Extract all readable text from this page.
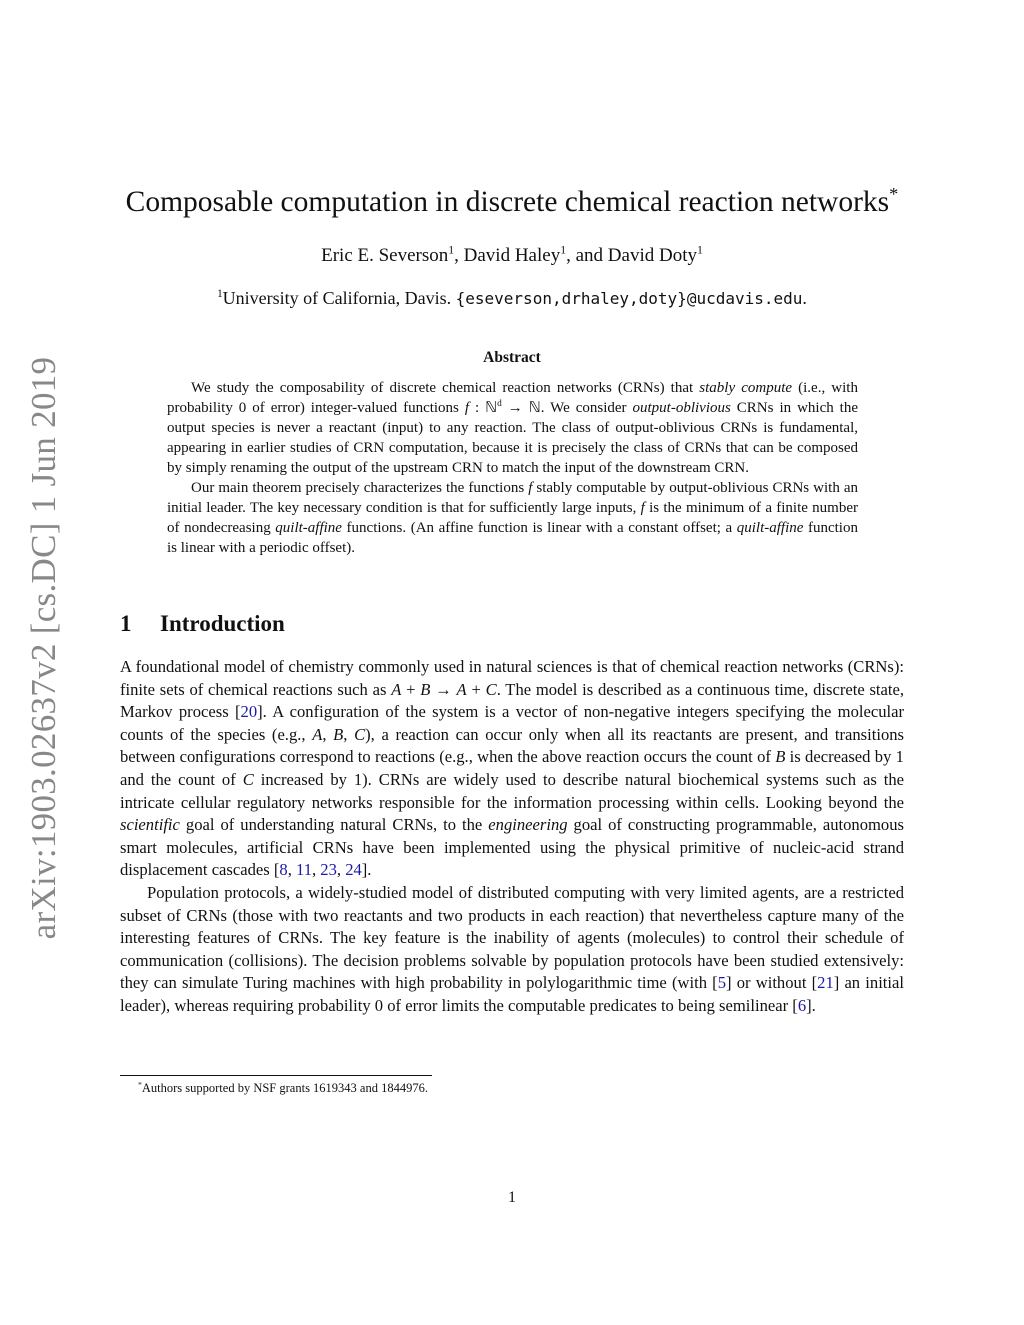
arXiv:1903.02637v2 [cs.DC] 1 Jun 2019
Composable computation in discrete chemical reaction networks*
Eric E. Severson$^1$, David Haley$^1$, and David Doty$^1$
$^1$University of California, Davis. {eseverson,drhaley,doty}@ucdavis.edu.
Abstract

We study the composability of discrete chemical reaction networks (CRNs) that stably compute (i.e., with probability 0 of error) integer-valued functions f : ℕ$^d$ → ℕ. We consider output-oblivious CRNs in which the output species is never a reactant (input) to any reaction. The class of output-oblivious CRNs is fundamental, appearing in earlier studies of CRN computation, because it is precisely the class of CRNs that can be composed by simply renaming the output of the upstream CRN to match the input of the downstream CRN.

Our main theorem precisely characterizes the functions f stably computable by output-oblivious CRNs with an initial leader. The key necessary condition is that for sufficiently large inputs, f is the minimum of a finite number of nondecreasing quilt-affine functions. (An affine function is linear with a constant offset; a quilt-affine function is linear with a periodic offset).

1 Introduction

A foundational model of chemistry commonly used in natural sciences is that of chemical reaction networks (CRNs): finite sets of chemical reactions such as A + B → A + C. The model is described as a continuous time, discrete state, Markov process [20]. A configuration of the system is a vector of non-negative integers specifying the molecular counts of the species (e.g., A, B, C), a reaction can occur only when all its reactants are present, and transitions between configurations correspond to reactions (e.g., when the above reaction occurs the count of B is decreased by 1 and the count of C increased by 1). CRNs are widely used to describe natural biochemical systems such as the intricate cellular regulatory networks responsible for the information processing within cells. Looking beyond the scientific goal of understanding natural CRNs, to the engineering goal of constructing programmable, autonomous smart molecules, artificial CRNs have been implemented using the physical primitive of nucleic-acid strand displacement cascades [8, 11, 23, 24].

Population protocols, a widely-studied model of distributed computing with very limited agents, are a restricted subset of CRNs (those with two reactants and two products in each reaction) that nevertheless capture many of the interesting features of CRNs. The key feature is the inability of agents (molecules) to control their schedule of communication (collisions). The decision problems solvable by population protocols have been studied extensively: they can simulate Turing machines with high probability in polylogarithmic time (with [5] or without [21] an initial leader), whereas requiring probability 0 of error limits the computable predicates to being semilinear [6].

*Authors supported by NSF grants 1619343 and 1844976.
1
